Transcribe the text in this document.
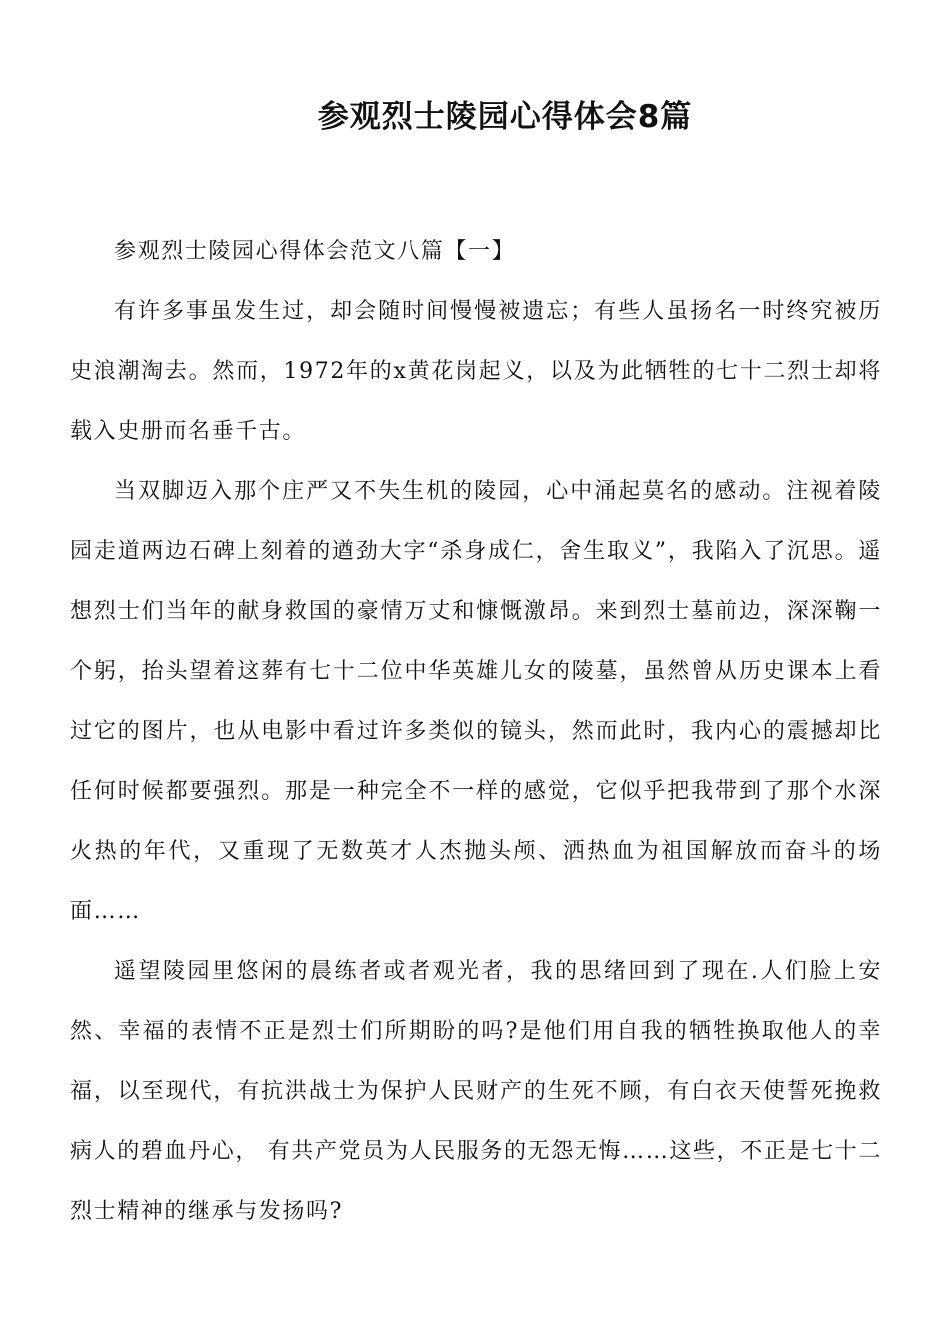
参观烈士陵园心得体会8篇

参观烈士陵园心得体会范文八篇【一】

有许多事虽发生过，却会随时间慢慢被遗忘；有些人虽扬名一时终究被历史浪潮淘去。然而，1972年的x黄花岗起义，以及为此牺牲的七十二烈士却将载入史册而名垂千古。

当双脚迈入那个庄严又不失生机的陵园，心中涌起莫名的感动。注视着陵园走道两边石碑上刻着的遒劲大字“杀身成仁，舍生取义”，我陷入了沉思。遥想烈士们当年的献身救国的豪情万丈和慷慨激昂。来到烈士墓前边，深深鞠一个躬，抬头望着这葬有七十二位中华英雄儿女的陵墓，虽然曾从历史课本上看过它的图片，也从电影中看过许多类似的镜头，然而此时，我内心的震撼却比任何时候都要强烈。那是一种完全不一样的感觉，它似乎把我带到了那个水深火热的年代，又重现了无数英才人杰抛头颅、洒热血为祖国解放而奋斗的场面……

遥望陵园里悠闲的晨练者或者观光者，我的思绪回到了现在.人们脸上安然、幸福的表情不正是烈士们所期盼的吗?是他们用自我的牺牲换取他人的幸福，以至现代，有抗洪战士为保护人民财产的生死不顾，有白衣天使誓死挽救病人的碧血丹心， 有共产党员为人民服务的无怨无悔……这些，不正是七十二烈士精神的继承与发扬吗?
